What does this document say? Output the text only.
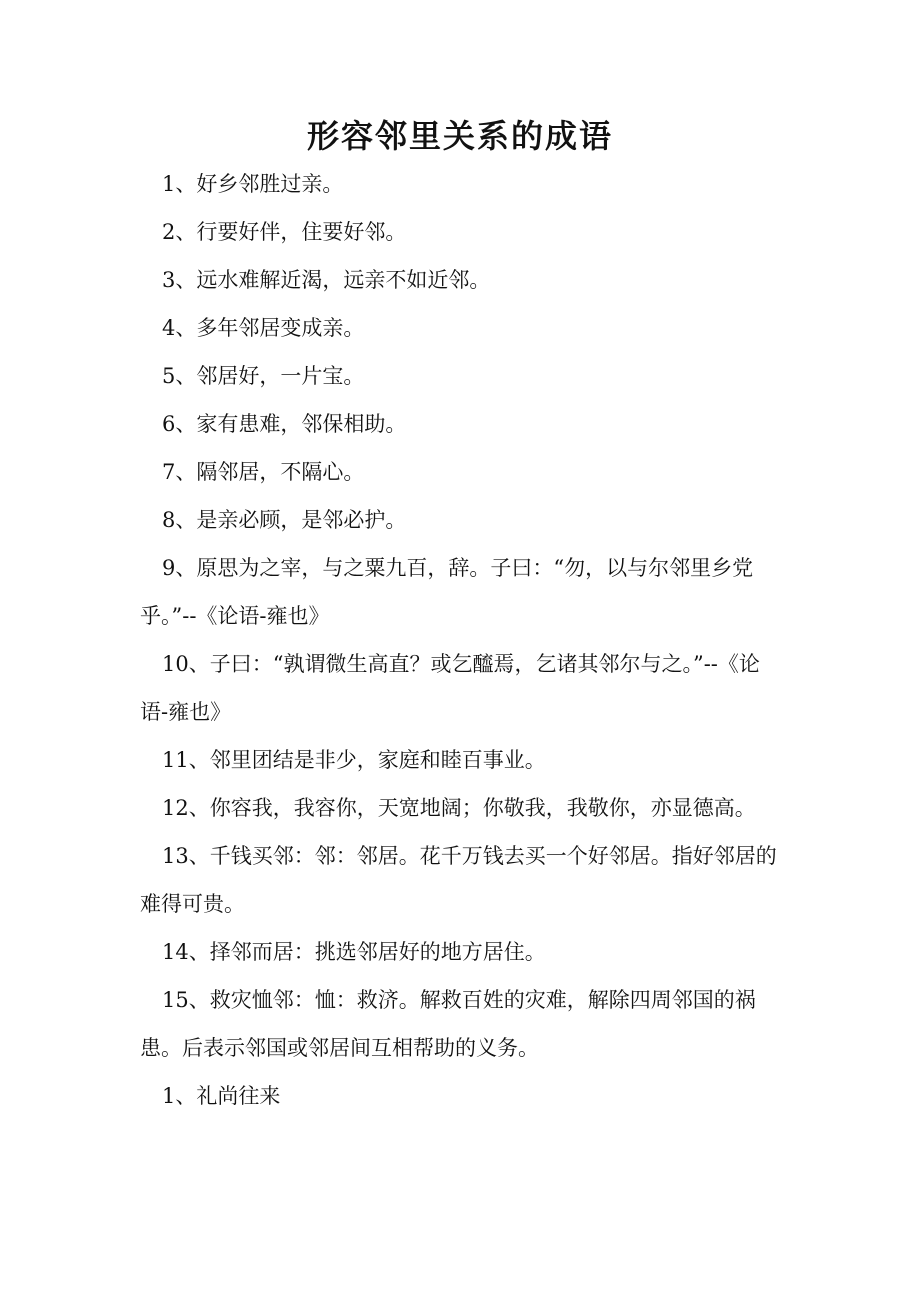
形容邻里关系的成语

1、好乡邻胜过亲。

2、行要好伴，住要好邻。

3、远水难解近渴，远亲不如近邻。

4、多年邻居变成亲。

5、邻居好，一片宝。

6、家有患难，邻保相助。

7、隔邻居，不隔心。

8、是亲必顾，是邻必护。

9、原思为之宰，与之粟九百，辞。子曰：“勿，以与尔邻里乡党乎。”--《论语-雍也》

10、子曰：“孰谓微生高直？或乞醯焉，乞诸其邻尔与之。”--《论语-雍也》

11、邻里团结是非少，家庭和睦百事业。

12、你容我，我容你，天宽地阔；你敬我，我敬你，亦显德高。

13、千钱买邻：邻：邻居。花千万钱去买一个好邻居。指好邻居的难得可贵。

14、择邻而居：挑选邻居好的地方居住。

15、救灾恤邻：恤：救济。解救百姓的灾难，解除四周邻国的祸患。后表示邻国或邻居间互相帮助的义务。

1、礼尚往来
